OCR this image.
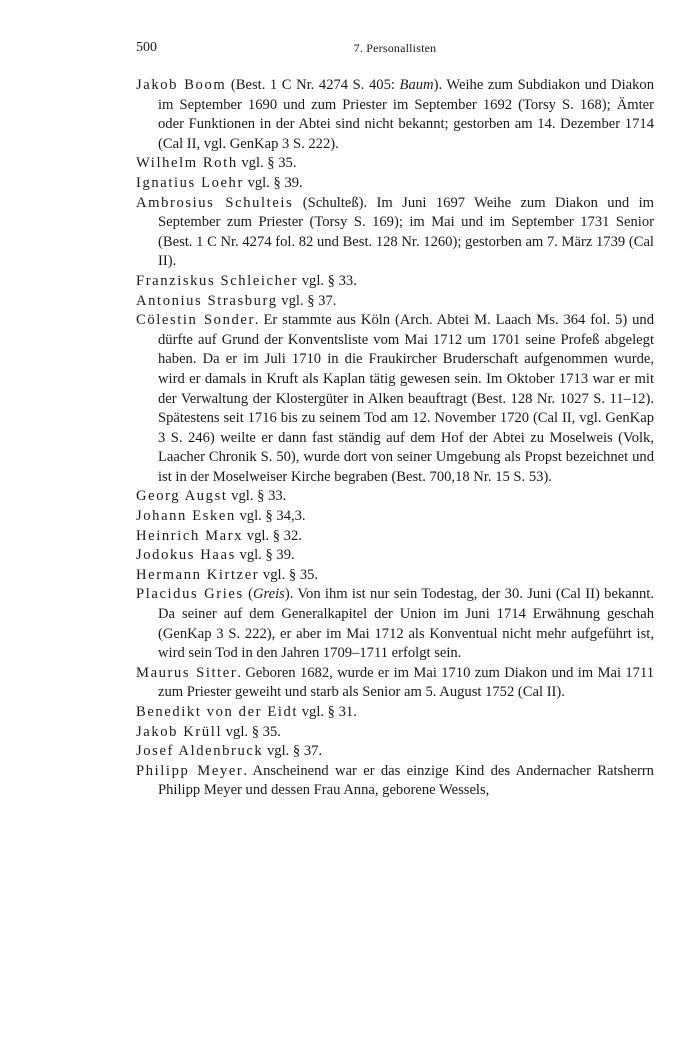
500	7. Personallisten

Jakob Boom (Best. 1 C Nr. 4274 S. 405: Baum). Weihe zum Subdiakon und Diakon im September 1690 und zum Priester im September 1692 (Torsy S. 168); Ämter oder Funktionen in der Abtei sind nicht bekannt; gestorben am 14. Dezember 1714 (Cal II, vgl. GenKap 3 S. 222).

Wilhelm Roth vgl. § 35.

Ignatius Loehr vgl. § 39.

Ambrosius Schulteis (Schulteß). Im Juni 1697 Weihe zum Diakon und im September zum Priester (Torsy S. 169); im Mai und im September 1731 Senior (Best. 1 C Nr. 4274 fol. 82 und Best. 128 Nr. 1260); gestorben am 7. März 1739 (Cal II).

Franziskus Schleicher vgl. § 33.

Antonius Strasburg vgl. § 37.

Cölestin Sonder. Er stammte aus Köln (Arch. Abtei M. Laach Ms. 364 fol. 5) und dürfte auf Grund der Konventsliste vom Mai 1712 um 1701 seine Profeß abgelegt haben. Da er im Juli 1710 in die Fraukircher Bruderschaft aufgenommen wurde, wird er damals in Kruft als Kaplan tätig gewesen sein. Im Oktober 1713 war er mit der Verwaltung der Klostergüter in Alken beauftragt (Best. 128 Nr. 1027 S. 11–12). Spätestens seit 1716 bis zu seinem Tod am 12. November 1720 (Cal II, vgl. GenKap 3 S. 246) weilte er dann fast ständig auf dem Hof der Abtei zu Moselweis (Volk, Laacher Chronik S. 50), wurde dort von seiner Umgebung als Propst bezeichnet und ist in der Moselweiser Kirche begraben (Best. 700,18 Nr. 15 S. 53).

Georg Augst vgl. § 33.

Johann Esken vgl. § 34,3.

Heinrich Marx vgl. § 32.

Jodokus Haas vgl. § 39.

Hermann Kirtzer vgl. § 35.

Placidus Gries (Greis). Von ihm ist nur sein Todestag, der 30. Juni (Cal II) bekannt. Da seiner auf dem Generalkapitel der Union im Juni 1714 Erwähnung geschah (GenKap 3 S. 222), er aber im Mai 1712 als Konventual nicht mehr aufgeführt ist, wird sein Tod in den Jahren 1709–1711 erfolgt sein.

Maurus Sitter. Geboren 1682, wurde er im Mai 1710 zum Diakon und im Mai 1711 zum Priester geweiht und starb als Senior am 5. August 1752 (Cal II).

Benedikt von der Eidt vgl. § 31.

Jakob Krüll vgl. § 35.

Josef Aldenbruck vgl. § 37.

Philipp Meyer. Anscheinend war er das einzige Kind des Andernacher Ratsherrn Philipp Meyer und dessen Frau Anna, geborene Wessels,
